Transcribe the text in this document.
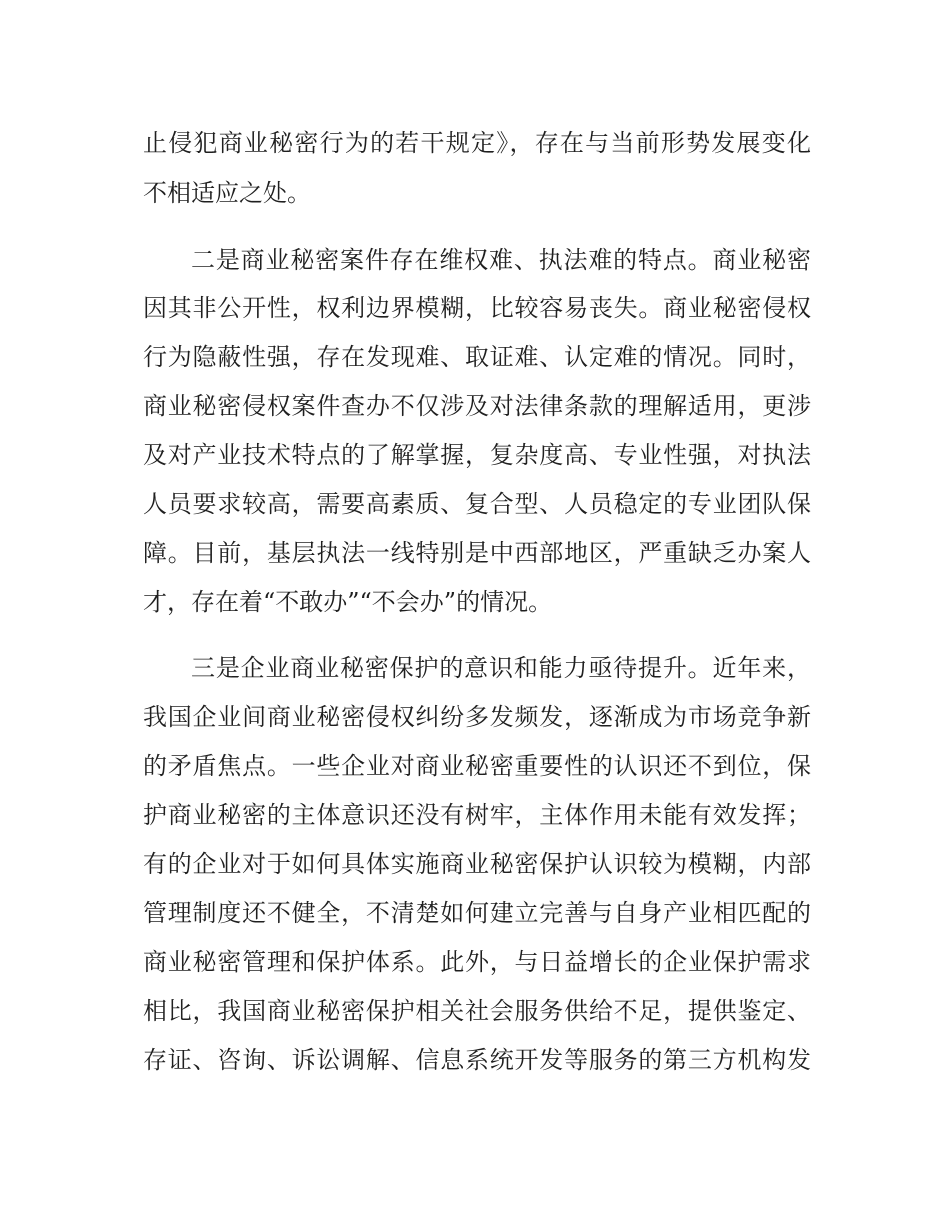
止侵犯商业秘密行为的若干规定》，存在与当前形势发展变化
不相适应之处。
二是商业秘密案件存在维权难、执法难的特点。商业秘密
因其非公开性，权利边界模糊，比较容易丧失。商业秘密侵权
行为隐蔽性强，存在发现难、取证难、认定难的情况。同时，
商业秘密侵权案件查办不仅涉及对法律条款的理解适用，更涉
及对产业技术特点的了解掌握，复杂度高、专业性强，对执法
人员要求较高，需要高素质、复合型、人员稳定的专业团队保
障。目前，基层执法一线特别是中西部地区，严重缺乏办案人
才，存在着“不敢办”“不会办”的情况。
三是企业商业秘密保护的意识和能力亟待提升。近年来，
我国企业间商业秘密侵权纠纷多发频发，逐渐成为市场竞争新
的矛盾焦点。一些企业对商业秘密重要性的认识还不到位，保
护商业秘密的主体意识还没有树牢，主体作用未能有效发挥；
有的企业对于如何具体实施商业秘密保护认识较为模糊，内部
管理制度还不健全，不清楚如何建立完善与自身产业相匹配的
商业秘密管理和保护体系。此外，与日益增长的企业保护需求
相比，我国商业秘密保护相关社会服务供给不足，提供鉴定、
存证、咨询、诉讼调解、信息系统开发等服务的第三方机构发
